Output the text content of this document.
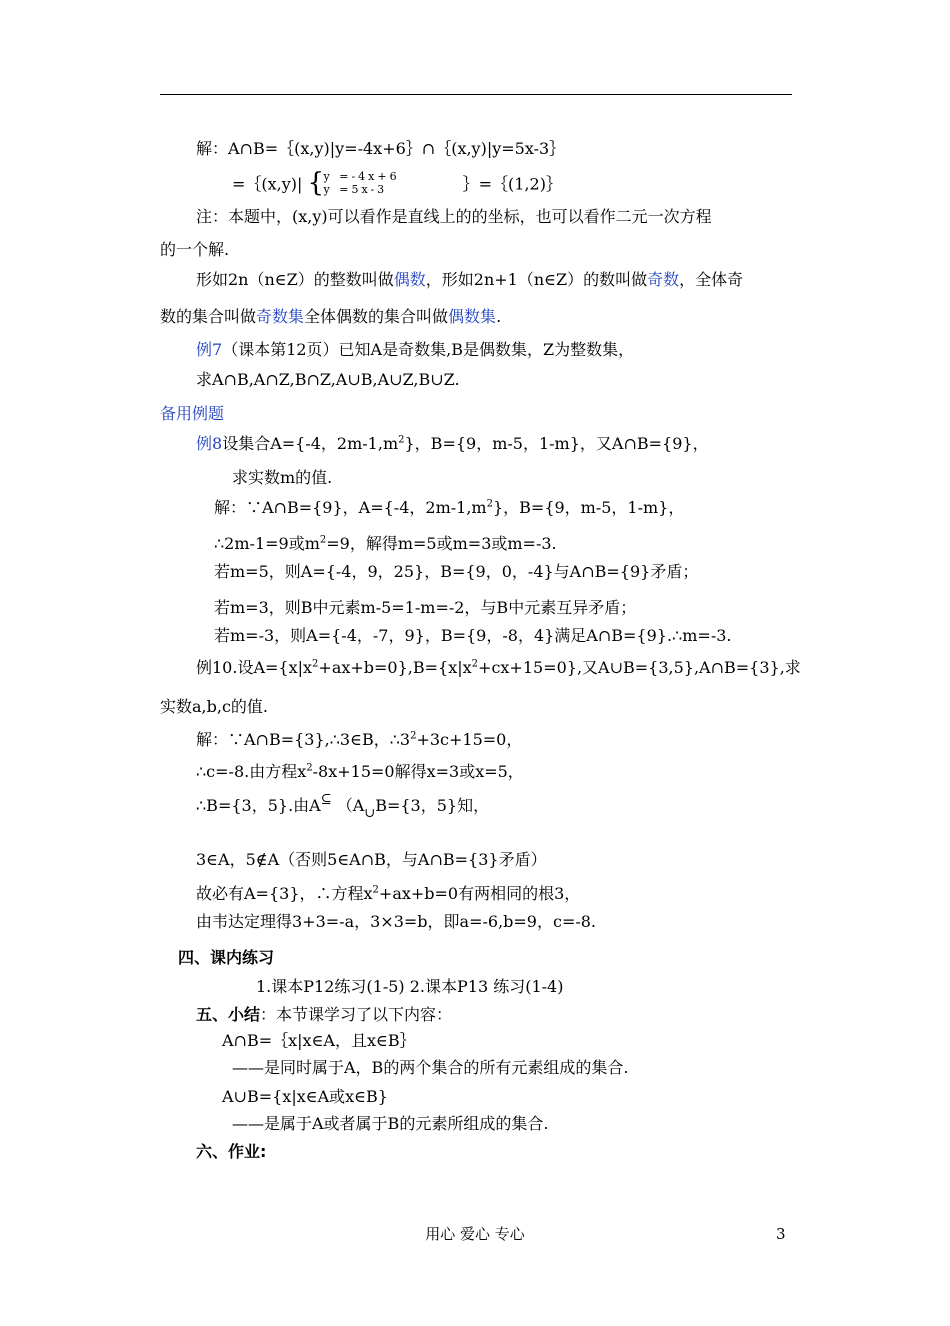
解：A∩B=｛(x,y)|y=-4x+6｝∩｛(x,y)|y=5x-3｝
=｛(x,y)| { y =-4x+6
y =5x-3	｝=｛(1,2)｝
注：本题中，(x,y)可以看作是直线上的的坐标，也可以看作二元一次方程
的一个解.
形如2n（n∈Z）的整数叫做偶数，形如2n+1（n∈Z）的数叫做奇数，全体奇
数的集合叫做奇数集全体偶数的集合叫做偶数集.
例7（课本第12页）已知A是奇数集,B是偶数集，Z为整数集，
求A∩B,A∩Z,B∩Z,A∪B,A∪Z,B∪Z.
备用例题
例8设集合A={-4，$2m-1,m^2$}，B={9，m-5，1-m}，又A∩B={9}，
求实数m的值.
解：∵A∩B={9}，A={-4，$2m-1,m^2$}，B={9，m-5，1-m}，
∴2m-1=9或$m^2=9$，解得m=5或m=3或m=-3.
若m=5，则A={-4，9，25}，B={9，0，-4}与A∩B={9}矛盾；
若m=3，则B中元素m-5=1-m=-2，与B中元素互异矛盾；
若m=-3，则A={-4，-7，9}，B={9，-8，4}满足A∩B={9}.∴m=-3.
例10.设$A=\{x|x^2+ax+b=0\},B=\{x|x^2+cx+15=0\}$,又A∪B={3,5},A∩B={3},求
实数a,b,c的值.
解：∵A∩B={3},∴3∈B，$\therefore 3^2+3c+15=0$，
∴c=-8.由方程$x^2-8x+15=0$解得x=3或x=5，
∴B={3，5}.由A⊆ （$A_\cup B=\{3$，5}知，
3∈A，5∉A（否则5∈A∩B，与A∩B={3}矛盾）
故必有A={3}，∴方程$x^2+ax+b=0$有两相同的根3，
由韦达定理得3+3=-a，3×3=b，即a=-6,b=9，c=-8.
四、课内练习
1.课本P12练习(1-5) 2.课本P13 练习(1-4)
五、小结：本节课学习了以下内容：
A∩B=｛x|x∈A，且x∈B｝
——是同时属于A，B的两个集合的所有元素组成的集合.
A∪B={x|x∈A或x∈B}
——是属于A或者属于B的元素所组成的集合.
六、作业:
用心 爱心 专心	3
